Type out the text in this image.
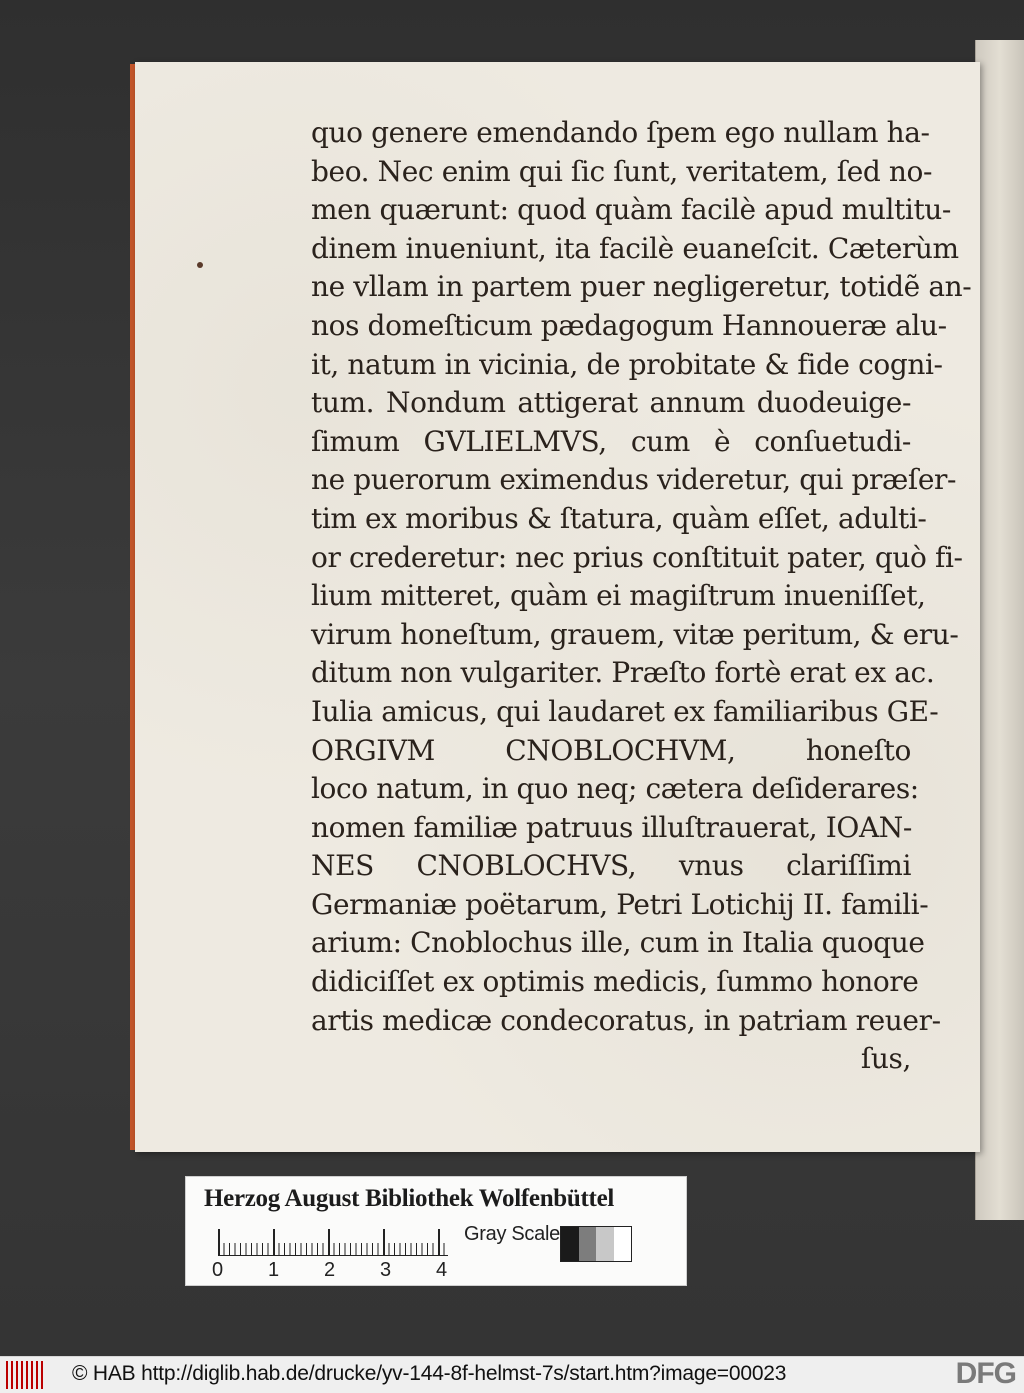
quo genere emendando ſpem ego nullam ha-
beo. Nec enim qui ſic ſunt, veritatem, ſed no-
men quærunt: quod quàm facilè apud multitu-
dinem inueniunt, ita facilè euaneſcit. Cæterùm
ne vllam in partem puer negligeretur, totidẽ an-
nos domeſticum pædagogum Hannoueræ alu-
it, natum in vicinia, de probitate & fide cogni-
tum. Nondum attigerat annum duodeuige-
ſimum GVLIELMVS, cum è conſuetudi-
ne puerorum eximendus videretur, qui præſer-
tim ex moribus & ſtatura, quàm eſſet, adulti-
or crederetur: nec prius conſtituit pater, quò fi-
lium mitteret, quàm ei magiſtrum inueniſſet,
virum honeſtum, grauem, vitæ peritum, & eru-
ditum non vulgariter. Præſto fortè erat ex ac.
Iulia amicus, qui laudaret ex familiaribus GE-
ORGIVM CNOBLOCHVM, honeſto
loco natum, in quo neq; cætera deſiderares:
nomen familiæ patruus illuſtrauerat, IOAN-
NES CNOBLOCHVS, vnus clariſſimi
Germaniæ poëtarum, Petri Lotichij II. famili-
arium: Cnoblochus ille, cum in Italia quoque
didiciſſet ex optimis medicis, ſummo honore
artis medicæ condecoratus, in patriam reuer-
ſus,
Herzog August Bibliothek Wolfenbüttel
Gray Scale
0 1 2 3 4
© HAB http://diglib.hab.de/drucke/yv-144-8f-helmst-7s/start.htm?image=00023	DFG
